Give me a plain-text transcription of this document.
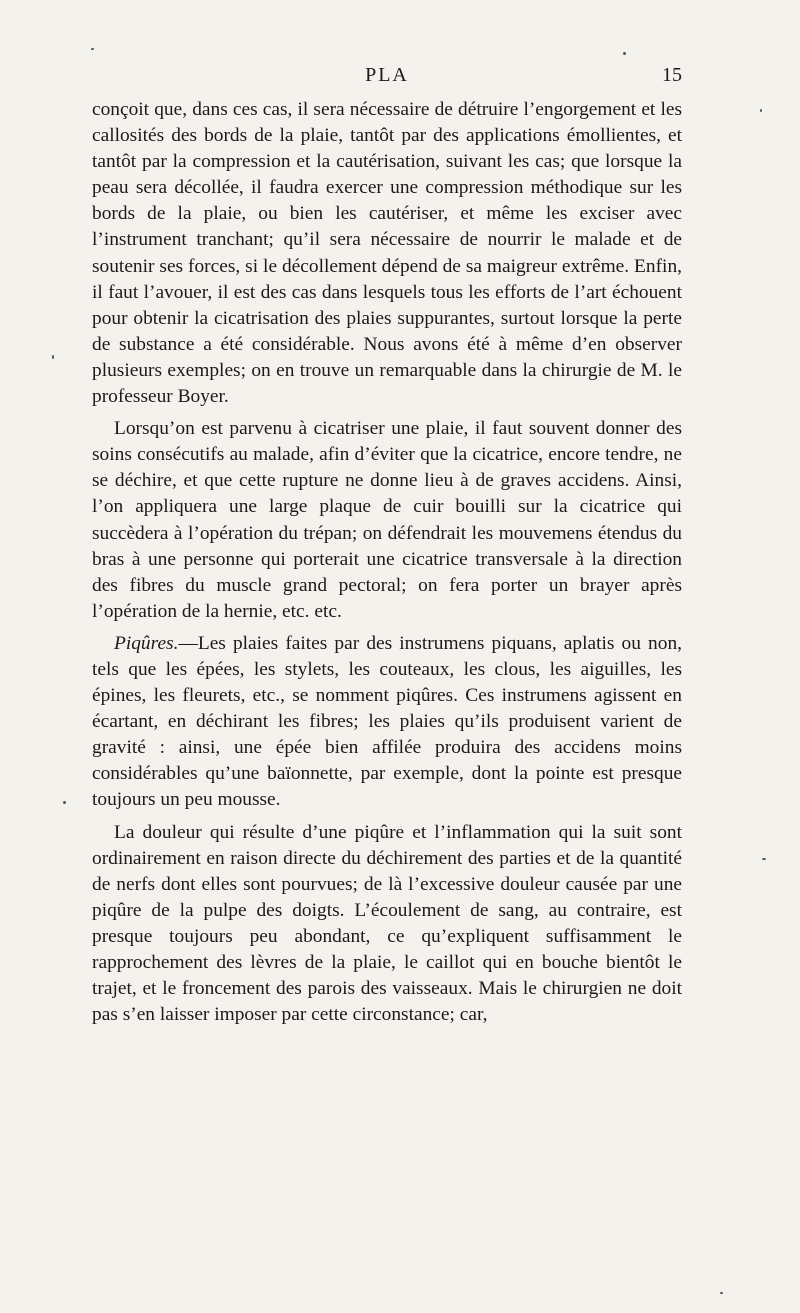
PLA	15

conçoit que, dans ces cas, il sera nécessaire de détruire l’engorgement et les callosités des bords de la plaie, tantôt par des applications émollientes, et tantôt par la compression et la cautérisation, suivant les cas; que lorsque la peau sera décollée, il faudra exercer une compression méthodique sur les bords de la plaie, ou bien les cautériser, et même les exciser avec l’instrument tranchant; qu’il sera nécessaire de nourrir le malade et de soutenir ses forces, si le décollement dépend de sa maigreur extrême. Enfin, il faut l’avouer, il est des cas dans lesquels tous les efforts de l’art échouent pour obtenir la cicatrisation des plaies suppurantes, surtout lorsque la perte de substance a été considérable. Nous avons été à même d’en observer plusieurs exemples; on en trouve un remarquable dans la chirurgie de M. le professeur Boyer.

Lorsqu’on est parvenu à cicatriser une plaie, il faut souvent donner des soins consécutifs au malade, afin d’éviter que la cicatrice, encore tendre, ne se déchire, et que cette rupture ne donne lieu à de graves accidens. Ainsi, l’on appliquera une large plaque de cuir bouilli sur la cicatrice qui succèdera à l’opération du trépan; on défendrait les mouvemens étendus du bras à une personne qui porterait une cicatrice transversale à la direction des fibres du muscle grand pectoral; on fera porter un brayer après l’opération de la hernie, etc. etc.

Piqûres.—Les plaies faites par des instrumens piquans, aplatis ou non, tels que les épées, les stylets, les couteaux, les clous, les aiguilles, les épines, les fleurets, etc., se nomment piqûres. Ces instrumens agissent en écartant, en déchirant les fibres; les plaies qu’ils produisent varient de gravité : ainsi, une épée bien affilée produira des accidens moins considérables qu’une baïonnette, par exemple, dont la pointe est presque toujours un peu mousse.

La douleur qui résulte d’une piqûre et l’inflammation qui la suit sont ordinairement en raison directe du déchirement des parties et de la quantité de nerfs dont elles sont pourvues; de là l’excessive douleur causée par une piqûre de la pulpe des doigts. L’écoulement de sang, au contraire, est presque toujours peu abondant, ce qu’expliquent suffisamment le rapprochement des lèvres de la plaie, le caillot qui en bouche bientôt le trajet, et le froncement des parois des vaisseaux. Mais le chirurgien ne doit pas s’en laisser imposer par cette circonstance; car,
